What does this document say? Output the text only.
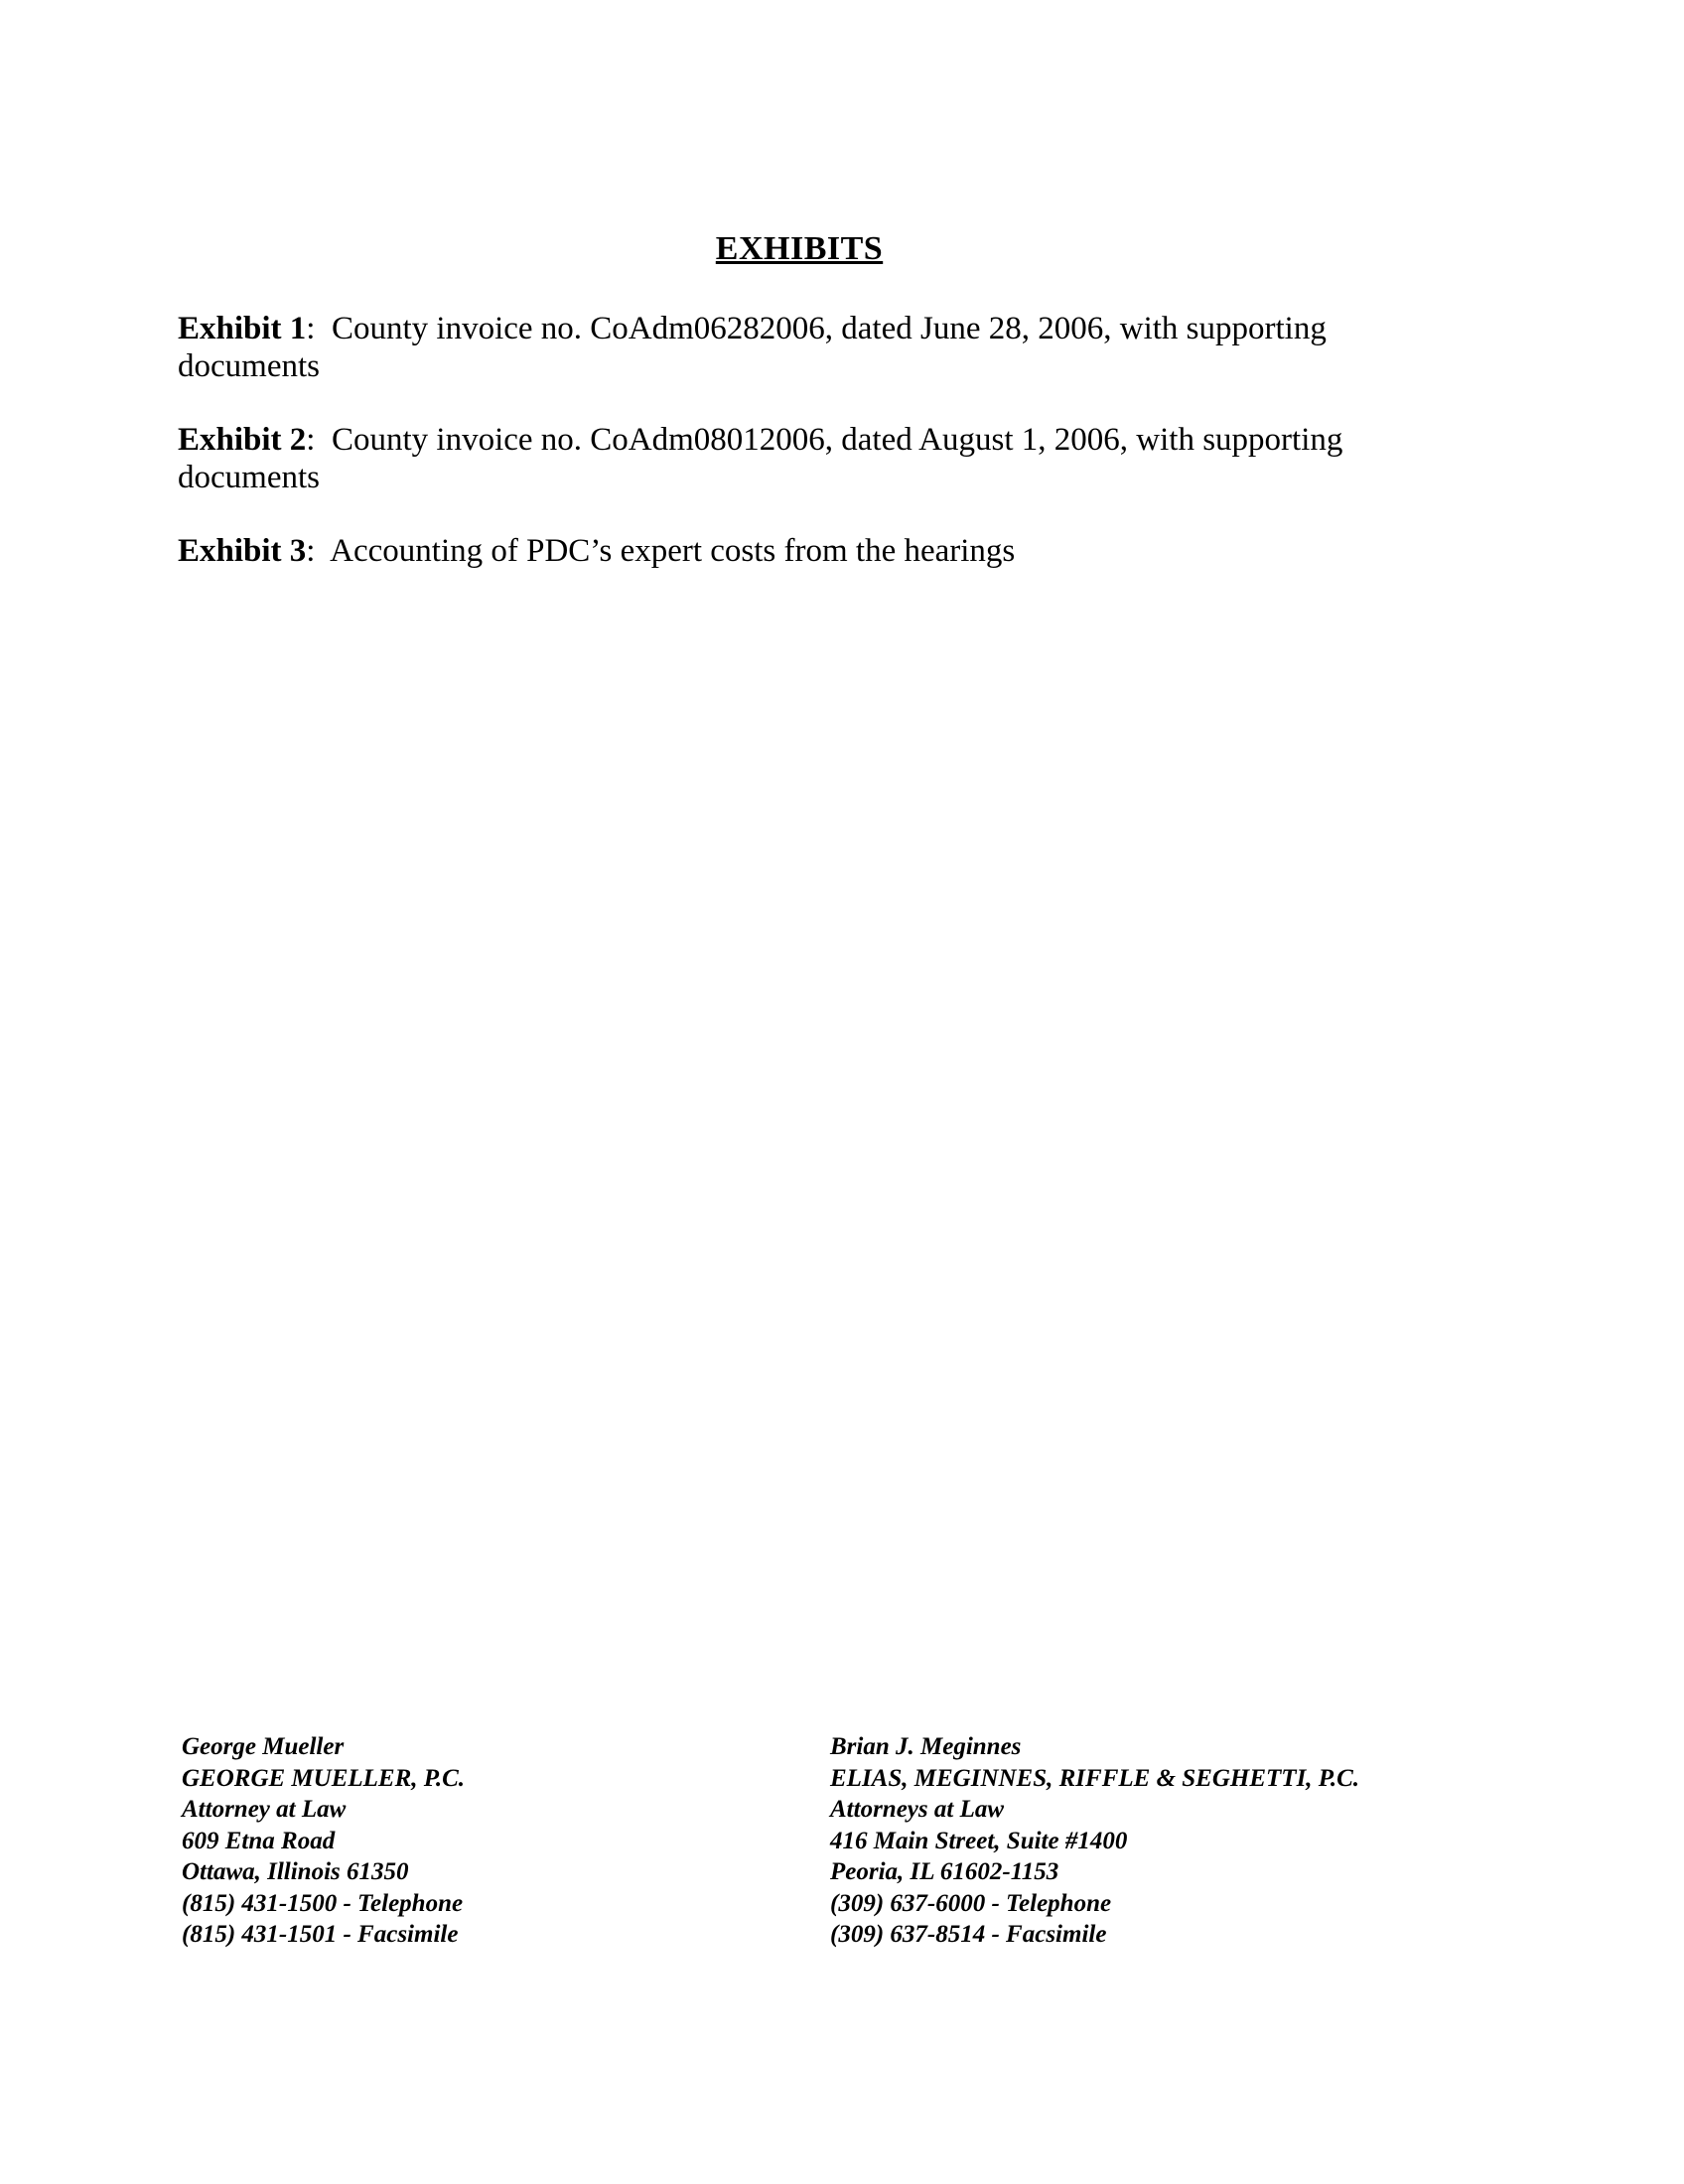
EXHIBITS
Exhibit 1:  County invoice no. CoAdm06282006, dated June 28, 2006, with supporting documents
Exhibit 2:  County invoice no. CoAdm08012006, dated August 1, 2006, with supporting documents
Exhibit 3:  Accounting of PDC’s expert costs from the hearings
George Mueller
GEORGE MUELLER, P.C.
Attorney at Law
609 Etna Road
Ottawa, Illinois 61350
(815) 431-1500 - Telephone
(815) 431-1501 - Facsimile
Brian J. Meginnes
ELIAS, MEGINNES, RIFFLE & SEGHETTI, P.C.
Attorneys at Law
416 Main Street, Suite #1400
Peoria, IL 61602-1153
(309) 637-6000 - Telephone
(309) 637-8514 - Facsimile
